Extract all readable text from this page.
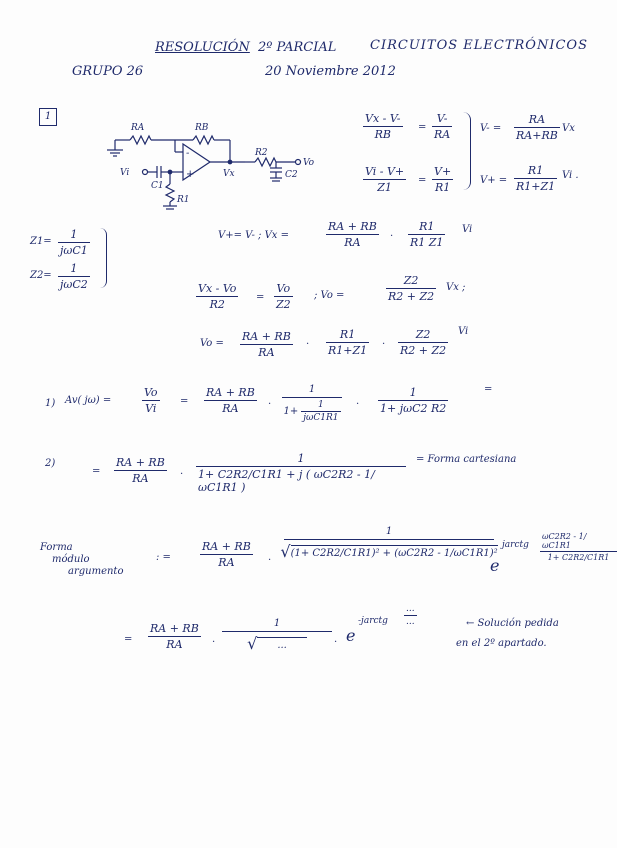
RESOLUCIÓN 2º PARCIAL	CIRCUITOS ELECTRÓNICOS
GRUPO 26	20 Noviembre 2012
1
RA	RB
R2
Vo
Vi
C1
R1
Vx	C2
-
+
Vx - V-
RB
=
V-
RA
Vi - V+
Z1
=
V+
R1
V- =
RA
RA+RB
Vx
V+ =
R1
R1+Z1
Vi .
Z1=
1
jωC1
Z2=
1
jωC2
V+= V- ; Vx =
RA + RB
RA
.
R1
R1 Z1
Vi
Vx - Vo
R2
=
Vo
Z2
; Vo =
Z2
R2 + Z2
Vx ;
Vo =
RA + RB
RA
.
R1
R1+Z1
.
Z2
R2 + Z2
Vi
1) Av( jω) =
Vo
Vi
=
RA + RB
RA
.
1
$1+ \frac{1}{\text{jωC1R1}}$ .
1
1+ jωC2 R2
=
2)
=
RA + RB
RA
.
1
1+ C2R2/C1R1 + j ( ωC2R2 - 1/ωC1R1 )
= Forma cartesiana
Forma
módulo
argumento
: =
RA + RB
RA	.
1
√ (1+ C2R2/C1R1)² + (ωC2R2 - 1/ωC1R1)²
e
jarctg
ωC2R2 - 1/ωC1R1
1+ C2R2/C1R1
=
RA + RB
RA	.
1
√	...	. e
-jarctg
...
...	← Solución pedida
en el 2º apartado.
